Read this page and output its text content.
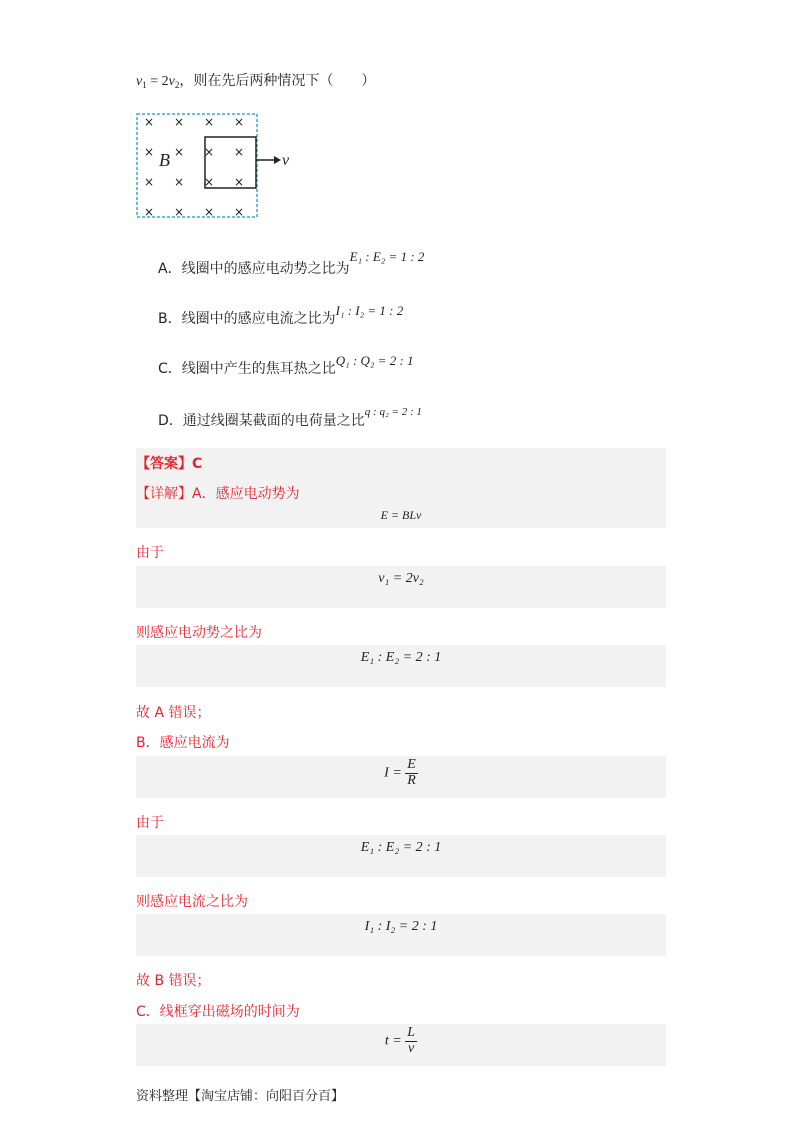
$v_1 = 2v_2$，则在先后两种情况下（　　）
× × × ×
× × × ×
× × × ×
× × × ×
B	v
A．线圈中的感应电动势之比为E₁ : E₂ = 1 : 2
B．线圈中的感应电流之比为I₁ : I₂ = 1 : 2
C．线圈中产生的焦耳热之比Q₁ : Q₂ = 2 : 1
D．通过线圈某截面的电荷量之比$^{q : q_2 = 2 : 1}$
【答案】C
【详解】A．感应电动势为
E = BLv
由于
v₁ = 2v₂
则感应电动势之比为
E₁ : E₂ = 2 : 1
故 A 错误；
B．感应电流为
$I = \frac{E}{R}$
由于
E₁ : E₂ = 2 : 1
则感应电流之比为
I₁ : I₂ = 2 : 1
故 B 错误；
C．线框穿出磁场的时间为
$t = \frac{L}{v}$
资料整理【淘宝店铺：向阳百分百】
